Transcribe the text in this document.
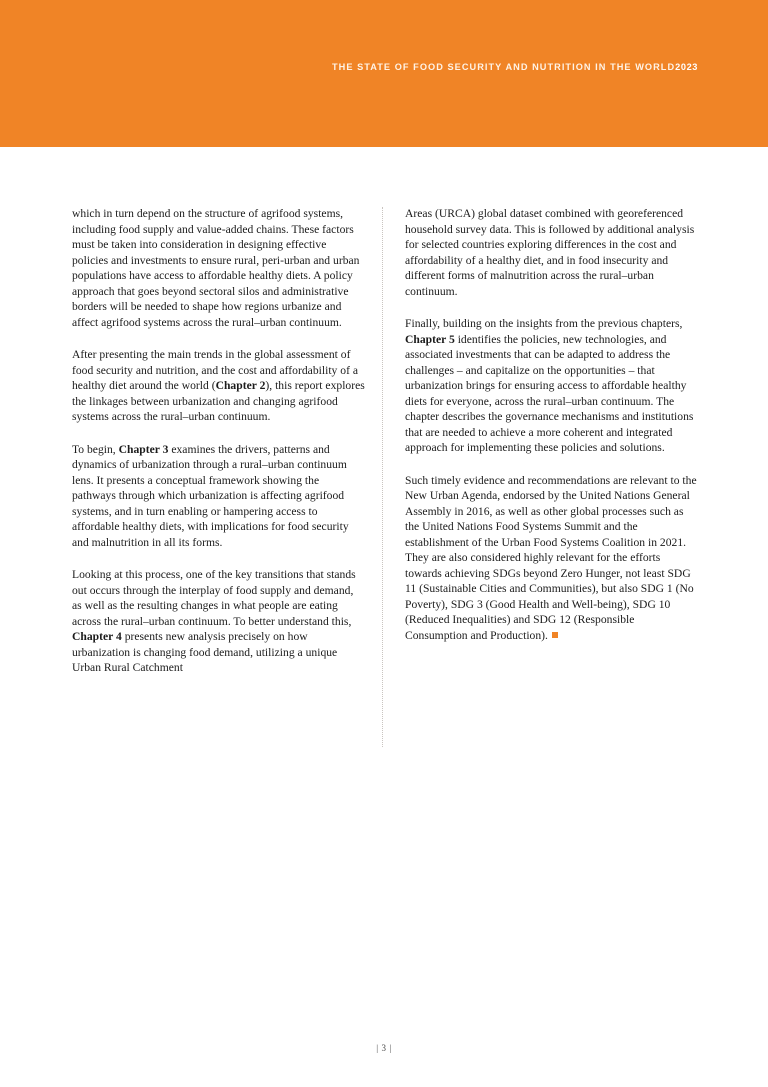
THE STATE OF FOOD SECURITY AND NUTRITION IN THE WORLD2023

which in turn depend on the structure of agrifood systems, including food supply and value-added chains. These factors must be taken into consideration in designing effective policies and investments to ensure rural, peri-urban and urban populations have access to affordable healthy diets. A policy approach that goes beyond sectoral silos and administrative borders will be needed to shape how regions urbanize and affect agrifood systems across the rural–urban continuum.

After presenting the main trends in the global assessment of food security and nutrition, and the cost and affordability of a healthy diet around the world (Chapter 2), this report explores the linkages between urbanization and changing agrifood systems across the rural–urban continuum.

To begin, Chapter 3 examines the drivers, patterns and dynamics of urbanization through a rural–urban continuum lens. It presents a conceptual framework showing the pathways through which urbanization is affecting agrifood systems, and in turn enabling or hampering access to affordable healthy diets, with implications for food security and malnutrition in all its forms.

Looking at this process, one of the key transitions that stands out occurs through the interplay of food supply and demand, as well as the resulting changes in what people are eating across the rural–urban continuum. To better understand this, Chapter 4 presents new analysis precisely on how urbanization is changing food demand, utilizing a unique Urban Rural Catchment

Areas (URCA) global dataset combined with georeferenced household survey data. This is followed by additional analysis for selected countries exploring differences in the cost and affordability of a healthy diet, and in food insecurity and different forms of malnutrition across the rural–urban continuum.

Finally, building on the insights from the previous chapters, Chapter 5 identifies the policies, new technologies, and associated investments that can be adapted to address the challenges – and capitalize on the opportunities – that urbanization brings for ensuring access to affordable healthy diets for everyone, across the rural–urban continuum. The chapter describes the governance mechanisms and institutions that are needed to achieve a more coherent and integrated approach for implementing these policies and solutions.

Such timely evidence and recommendations are relevant to the New Urban Agenda, endorsed by the United Nations General Assembly in 2016, as well as other global processes such as the United Nations Food Systems Summit and the establishment of the Urban Food Systems Coalition in 2021. They are also considered highly relevant for the efforts towards achieving SDGs beyond Zero Hunger, not least SDG 11 (Sustainable Cities and Communities), but also SDG 1 (No Poverty), SDG 3 (Good Health and Well-being), SDG 10 (Reduced Inequalities) and SDG 12 (Responsible Consumption and Production).

| 3 |
